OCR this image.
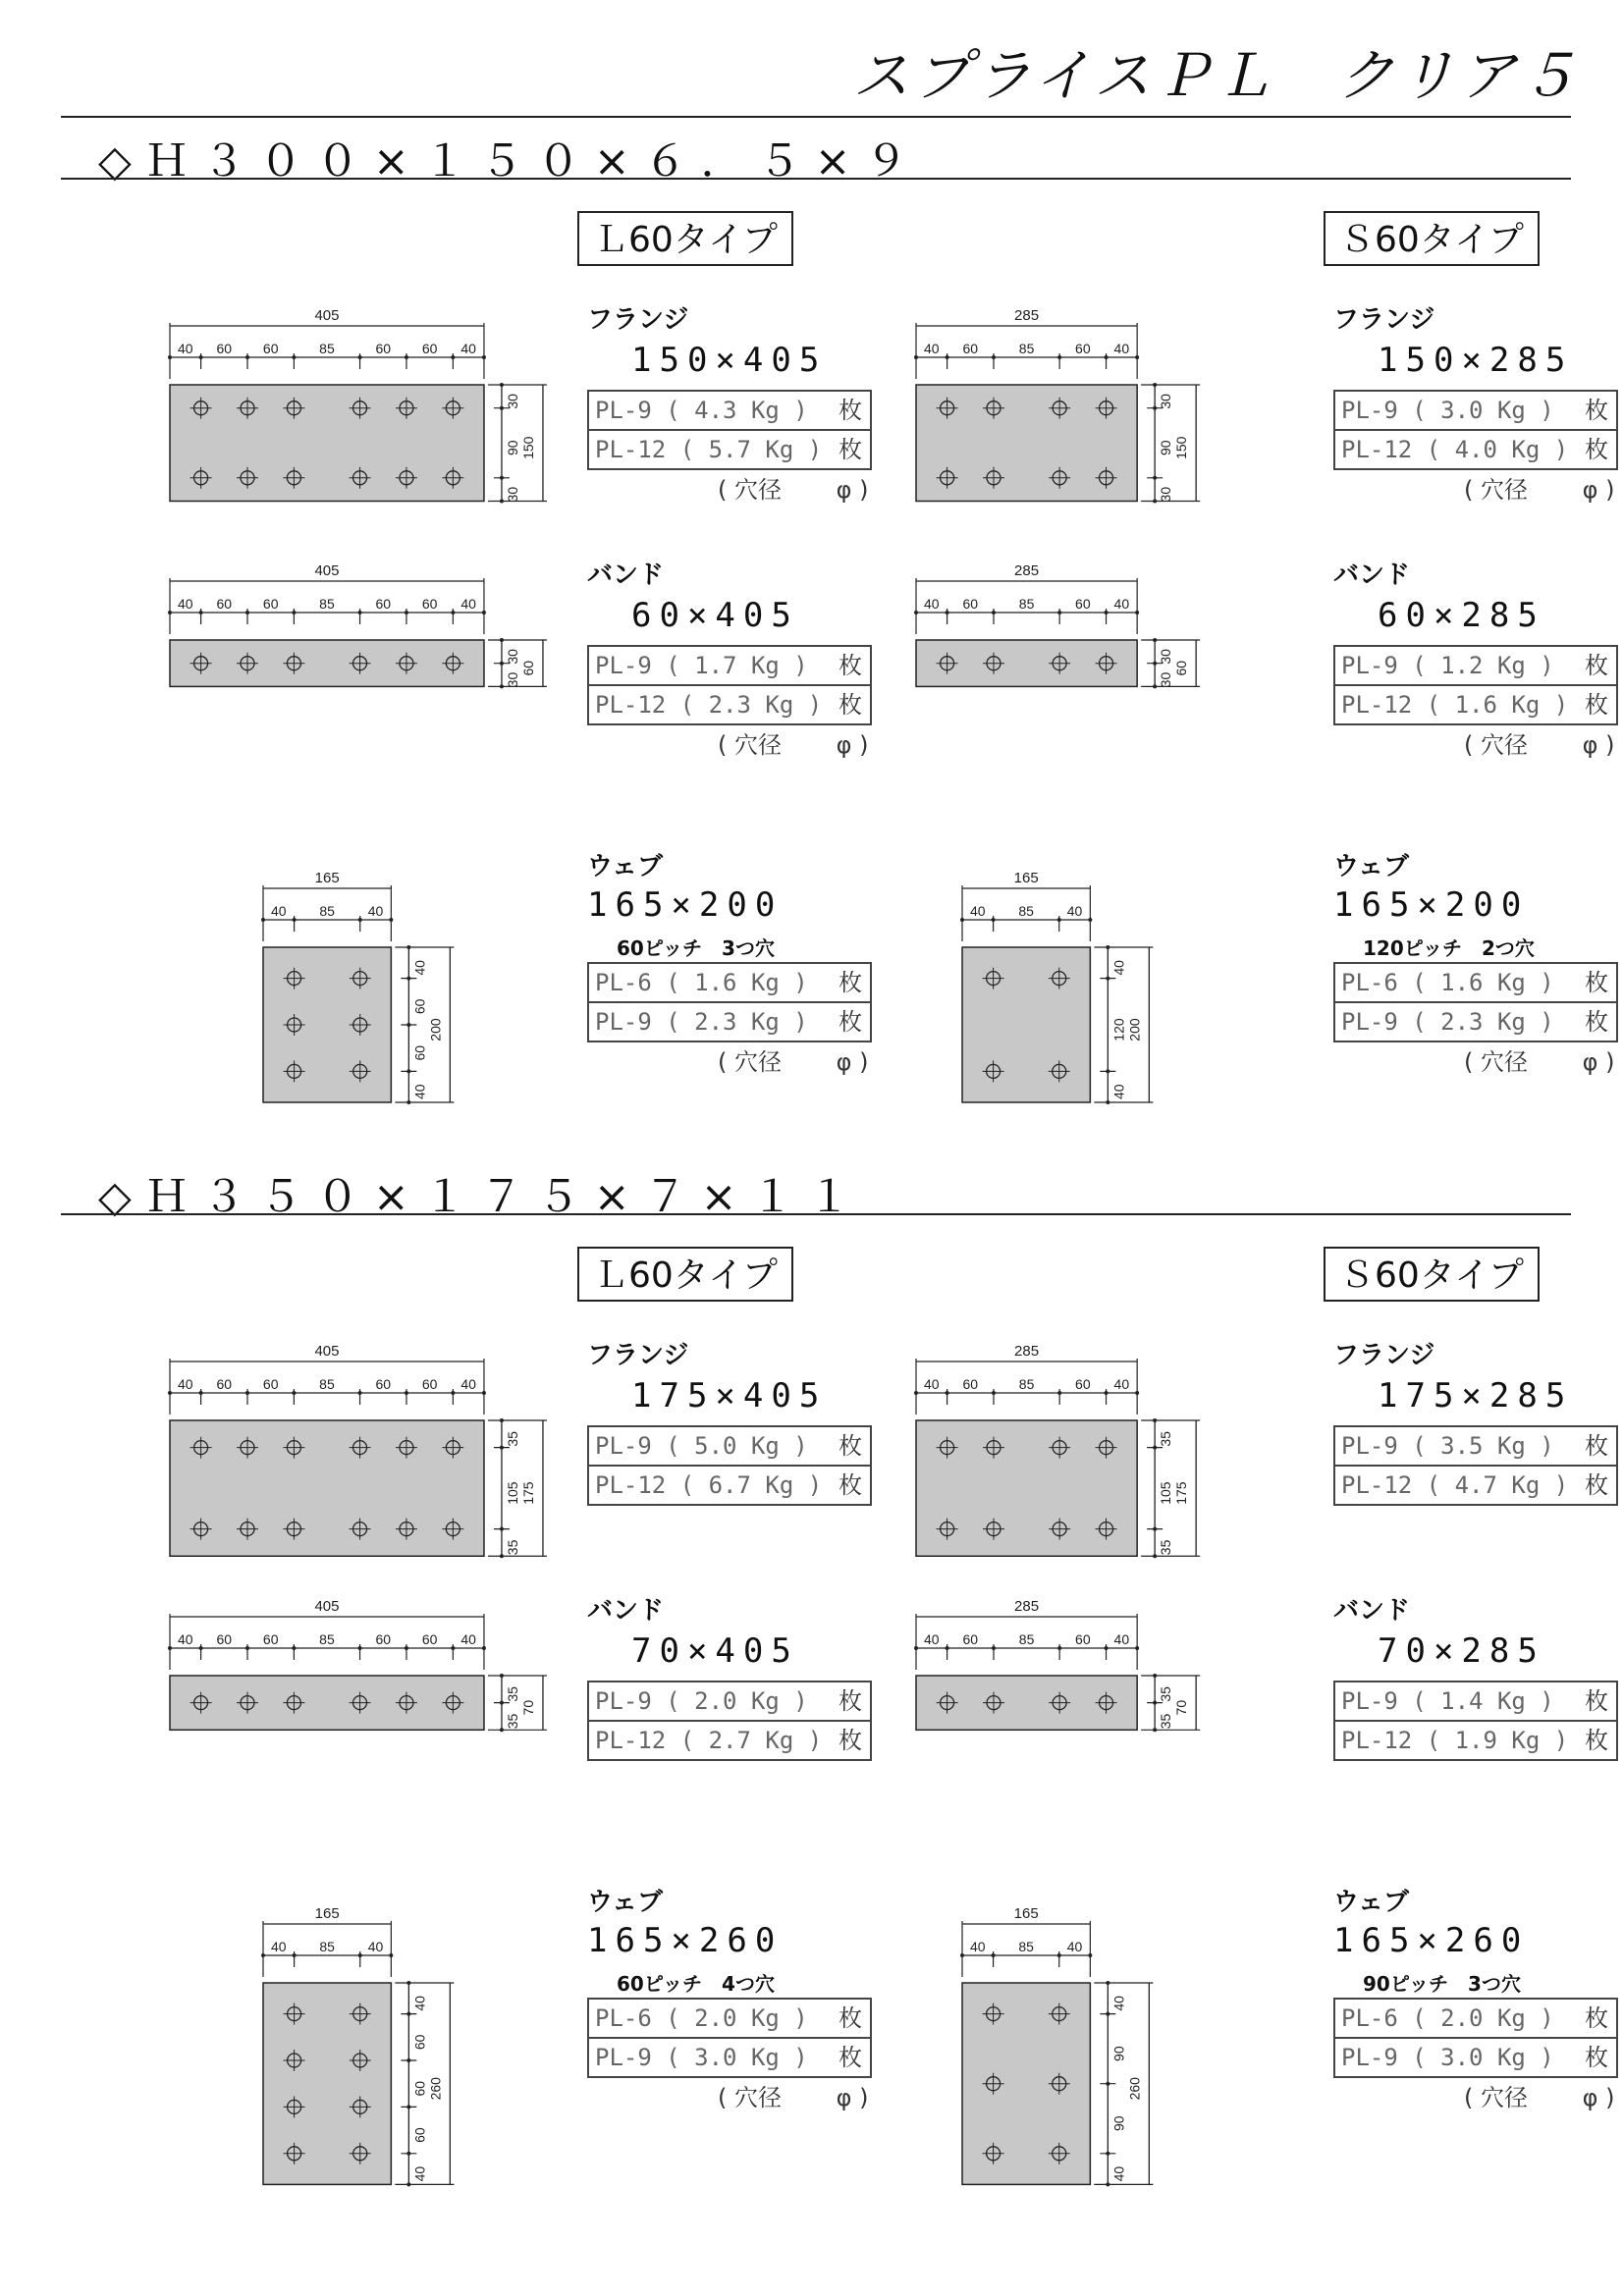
スプライスＰＬ　クリア５
◇Ｈ３００×１５０×６．５×９
Ｌ60タイプ
フランジ
150×405
PL-9 ( 4.3 Kg ) 枚
PL-12 ( 5.7 Kg ) 枚
( 穴径　　 φ )
405
40 60 60	85	60 60 40
30
90
30
150
バンド
60×405
PL-9 ( 1.7 Kg ) 枚
PL-12 ( 2.3 Kg ) 枚
( 穴径　　 φ )
405
40 60 60	85	60 60 40
30
30
60
ウェブ
165×200
60ピッチ　3つ穴
PL-6 ( 1.6 Kg ) 枚
PL-9 ( 2.3 Kg ) 枚
( 穴径　　 φ )
165
40 85 40
40
60
60
40
200
Ｓ60タイプ
フランジ
150×285
PL-9 ( 3.0 Kg ) 枚
PL-12 ( 4.0 Kg ) 枚
( 穴径　　 φ )
285
40 60	85	60 40
30
90
30
150
バンド
60×285
PL-9 ( 1.2 Kg ) 枚
PL-12 ( 1.6 Kg ) 枚
( 穴径　　 φ )
285
40 60	85	60 40
30
30
60
ウェブ
165×200
120ピッチ　2つ穴
PL-6 ( 1.6 Kg ) 枚
PL-9 ( 2.3 Kg ) 枚
( 穴径　　 φ )
165
40 85 40
40
120
40
200
◇Ｈ３５０×１７５×７×１１
Ｌ60タイプ
フランジ
175×405
PL-9 ( 5.0 Kg ) 枚
PL-12 ( 6.7 Kg ) 枚
405
40 60 60	85	60 60 40
35
105
35
175
バンド
70×405
PL-9 ( 2.0 Kg ) 枚
PL-12 ( 2.7 Kg ) 枚
405
40 60 60	85	60 60 40
35
35
70
ウェブ
165×260
60ピッチ　4つ穴
PL-6 ( 2.0 Kg ) 枚
PL-9 ( 3.0 Kg ) 枚
( 穴径　　 φ )
165
40 85 40
40
60
60
60
40
260
Ｓ60タイプ
フランジ
175×285
PL-9 ( 3.5 Kg ) 枚
PL-12 ( 4.7 Kg ) 枚
285
40 60	85	60 40
35
105
35
175
バンド
70×285
PL-9 ( 1.4 Kg ) 枚
PL-12 ( 1.9 Kg ) 枚
285
40 60	85	60 40
35
35
70
ウェブ
165×260
90ピッチ　3つ穴
PL-6 ( 2.0 Kg ) 枚
PL-9 ( 3.0 Kg ) 枚
( 穴径　　 φ )
165
40 85 40
40
90
90
40
260
